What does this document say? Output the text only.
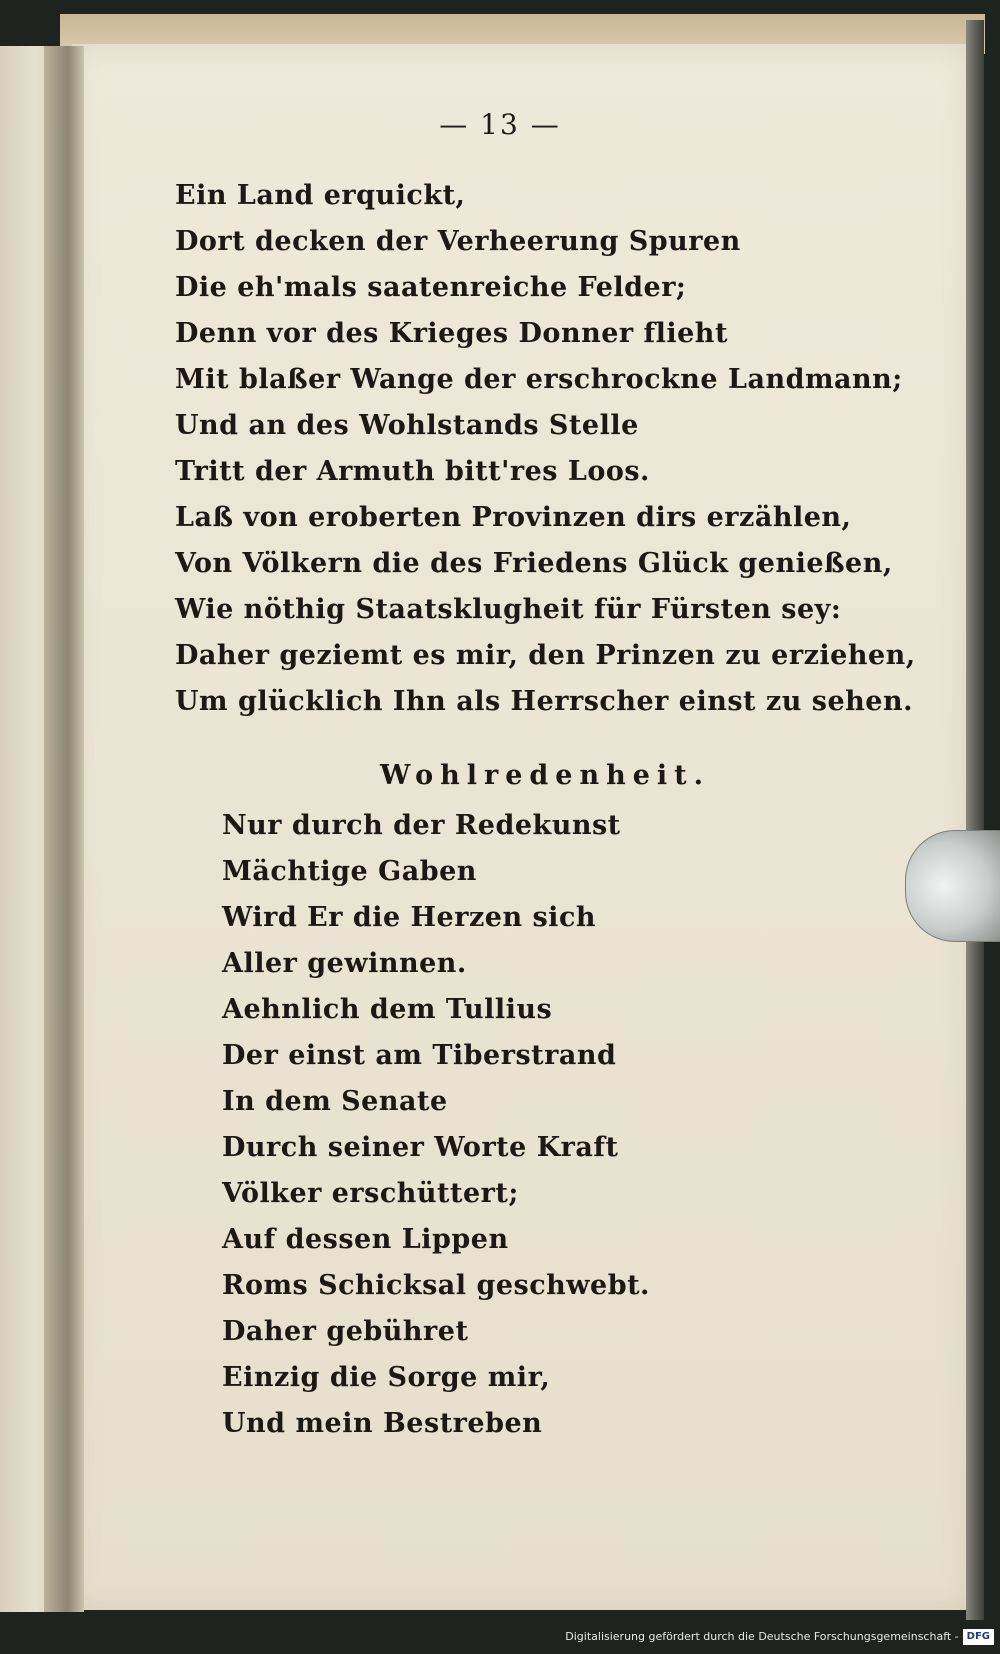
— 13 —
Ein Land erquickt,
Dort decken der Verheerung Spuren
Die eh'mals saatenreiche Felder;
Denn vor des Krieges Donner flieht
Mit blaßer Wange der erschrockne Landmann;
Und an des Wohlstands Stelle
Tritt der Armuth bitt'res Loos.
Laß von eroberten Provinzen dirs erzählen,
Von Völkern die des Friedens Glück genießen,
Wie nöthig Staatsklugheit für Fürsten sey:
Daher geziemt es mir, den Prinzen zu erziehen,
Um glücklich Ihn als Herrscher einst zu sehen.
Wohlredenheit.
Nur durch der Redekunst
Mächtige Gaben
Wird Er die Herzen sich
Aller gewinnen.
Aehnlich dem Tullius
Der einst am Tiberstrand
In dem Senate
Durch seiner Worte Kraft
Völker erschüttert;
Auf dessen Lippen
Roms Schicksal geschwebt.
Daher gebühret
Einzig die Sorge mir,
Und mein Bestreben
Digitalisierung gefördert durch die Deutsche Forschungsgemeinschaft - DFG
